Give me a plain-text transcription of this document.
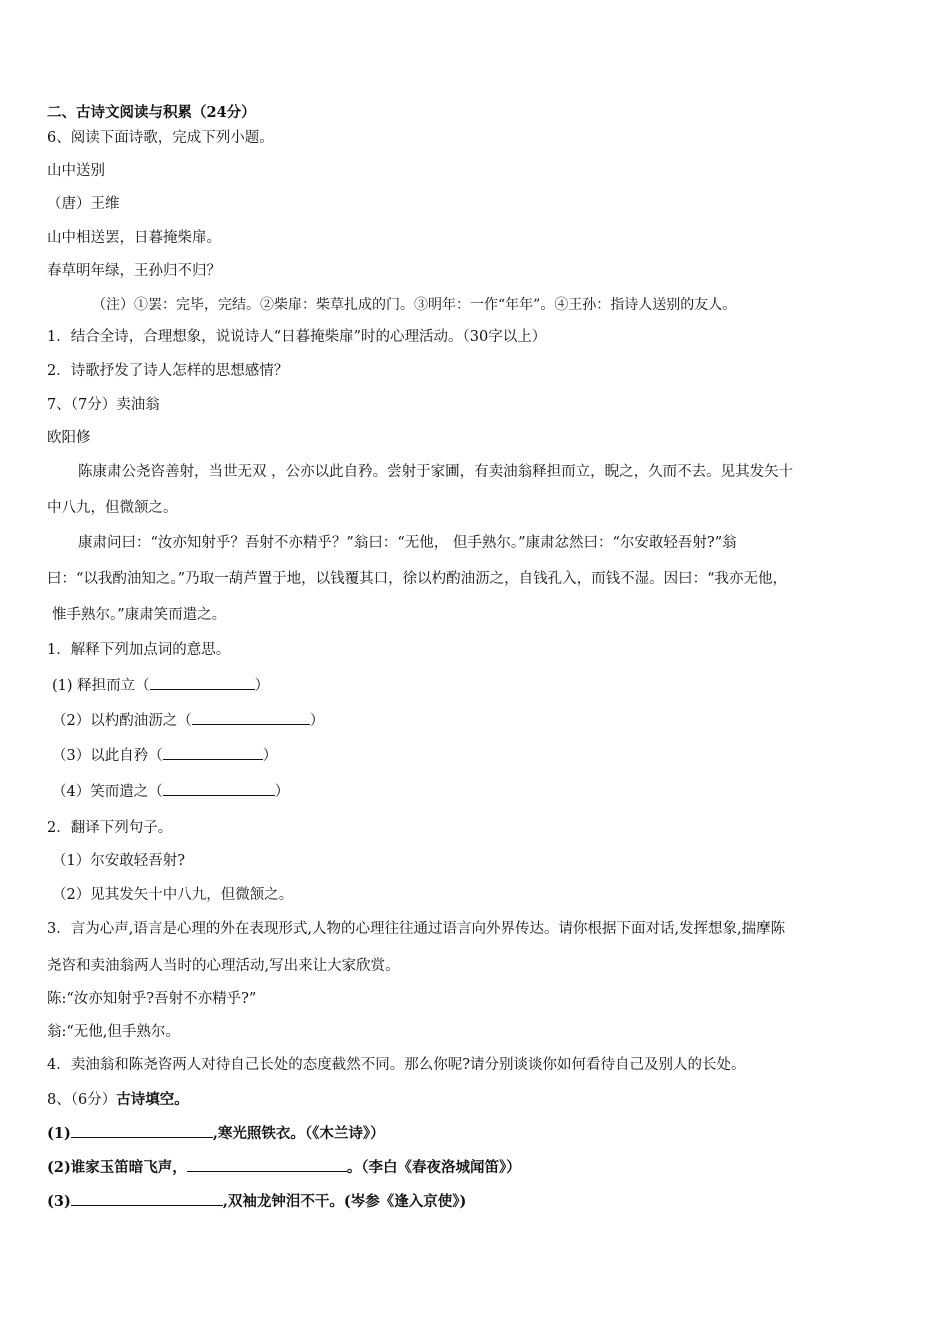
二、古诗文阅读与积累（24分）
6、阅读下面诗歌，完成下列小题。
山中送别
（唐）王维
山中相送罢，日暮掩柴扉。
春草明年绿，王孙归不归？
（注）①罢：完毕，完结。②柴扉：柴草扎成的门。③明年：一作“年年”。④王孙：指诗人送别的友人。
1．结合全诗，合理想象，说说诗人“日暮掩柴扉”时的心理活动。（30字以上）
2．诗歌抒发了诗人怎样的思想感情？
7、（7分）卖油翁
欧阳修
陈康肃公尧咨善射，当世无双 ，公亦以此自矜。尝射于家圃，有卖油翁释担而立，睨之，久而不去。见其发矢十
中八九，但微颔之。
康肃问曰：“汝亦知射乎？吾射不亦精乎？”翁曰：“无他， 但手熟尔。”康肃忿然曰：“尔安敢轻吾射?”翁
曰：“以我酌油知之。”乃取一葫芦置于地，以钱覆其口，徐以杓酌油沥之，自钱孔入，而钱不湿。因曰：“我亦无他，
惟手熟尔。”康肃笑而遣之。
1．解释下列加点词的意思。
(1) 释担而立（	）
（2）以杓酌油沥之（	）
（3）以此自矜（	）
（4）笑而遣之（	）
2．翻译下列句子。
（1）尔安敢轻吾射?
（2）见其发矢十中八九，但微颔之。
3．言为心声,语言是心理的外在表现形式,人物的心理往往通过语言向外界传达。请你根据下面对话,发挥想象,揣摩陈
尧咨和卖油翁两人当时的心理活动,写出来让大家欣赏。
陈:“汝亦知射乎?吾射不亦精乎?”
翁:“无他,但手熟尔。
4．卖油翁和陈尧咨两人对待自己长处的态度截然不同。那么你呢?请分别谈谈你如何看待自己及别人的长处。
8、（6分）古诗填空。
(1)	,寒光照铁衣。（《木兰诗》）
(2)谁家玉笛暗飞声，	。（李白《春夜洛城闻笛》）
(3)	,双袖龙钟泪不干。(岑参《逢入京使》)
